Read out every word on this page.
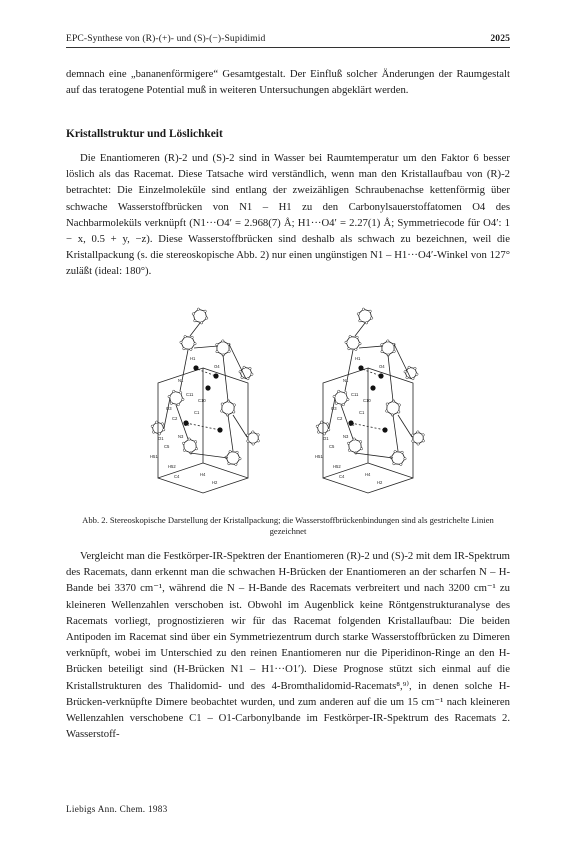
EPC-Synthese von (R)-(+)- und (S)-(−)-Supidimid	2025
demnach eine „bananenförmigere“ Gesamtgestalt. Der Einfluß solcher Änderungen der Raumgestalt auf das teratogene Potential muß in weiteren Untersuchungen abgeklärt werden.
Kristallstruktur und Löslichkeit
Die Enantiomeren (R)-2 und (S)-2 sind in Wasser bei Raumtemperatur um den Faktor 6 besser löslich als das Racemat. Diese Tatsache wird verständlich, wenn man den Kristallaufbau von (R)-2 betrachtet: Die Einzelmoleküle sind entlang der zweizähligen Schraubenachse kettenförmig über schwache Wasserstoffbrücken von N1 – H1 zu den Carbonylsauerstoffatomen O4 des Nachbarmoleküls verknüpft (N1···O4′ = 2.968(7) Å; H1···O4′ = 2.27(1) Å; Symmetriecode für O4′: 1 − x, 0.5 + y, −z). Diese Wasserstoffbrücken sind deshalb als schwach zu bezeichnen, weil die Kristallpackung (s. die stereoskopische Abb. 2) nur einen ungünstigen N1 – H1···O4′-Winkel von 127° zuläßt (ideal: 180°).
H1
O4
N1
C11
C10
O3
C2
C3
H51
H52
C5
C4	H4
H2
O1	N3
C1
H1
O4
N1
C11
C10
O3
C2
C3
H51
H52
C5
C4	H4
H2
O1	N3
C1
Abb. 2. Stereoskopische Darstellung der Kristallpackung; die Wasserstoffbrückenbindungen sind als gestrichelte Linien gezeichnet
Vergleicht man die Festkörper-IR-Spektren der Enantiomeren (R)-2 und (S)-2 mit dem IR-Spektrum des Racemats, dann erkennt man die schwachen H-Brücken der Enantiomeren an der scharfen N – H-Bande bei 3370 cm⁻¹, während die N – H-Bande des Racemats verbreitert und nach 3200 cm⁻¹ zu kleineren Wellenzahlen verschoben ist. Obwohl im Augenblick keine Röntgenstrukturanalyse des Racemats vorliegt, prognostizieren wir für das Racemat folgenden Kristallaufbau: Die beiden Antipoden im Racemat sind über ein Symmetriezentrum durch starke Wasserstoffbrücken zu Dimeren verknüpft, wobei im Unterschied zu den reinen Enantiomeren nur die Piperidinon-Ringe an den H-Brücken beteiligt sind (H-Brücken N1 – H1···O1′). Diese Prognose stützt sich einmal auf die Kristallstrukturen des Thalidomid- und des 4-Bromthalidomid-Racemats⁸,⁹⁾, in denen solche H-Brücken-verknüpfte Dimere beobachtet wurden, und zum anderen auf die um 15 cm⁻¹ nach kleineren Wellenzahlen verschobene C1 – O1-Carbonylbande im Festkörper-IR-Spektrum des Racemats 2. Wasserstoff-
Liebigs Ann. Chem. 1983
